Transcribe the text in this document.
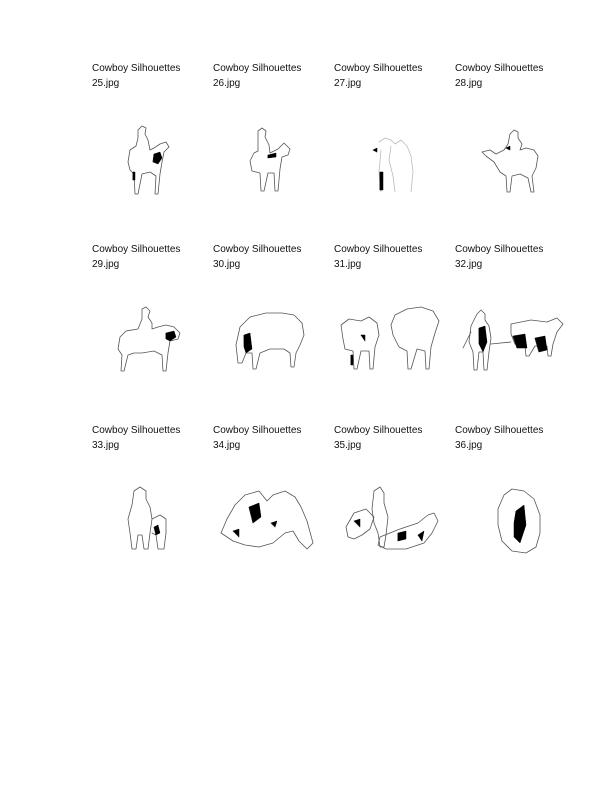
Cowboy Silhouettes
25.jpg
Cowboy Silhouettes
26.jpg
Cowboy Silhouettes
27.jpg
Cowboy Silhouettes
28.jpg
Cowboy Silhouettes
29.jpg
Cowboy Silhouettes
30.jpg
Cowboy Silhouettes
31.jpg
Cowboy Silhouettes
32.jpg
Cowboy Silhouettes
33.jpg
Cowboy Silhouettes
34.jpg
Cowboy Silhouettes
35.jpg
Cowboy Silhouettes
36.jpg
